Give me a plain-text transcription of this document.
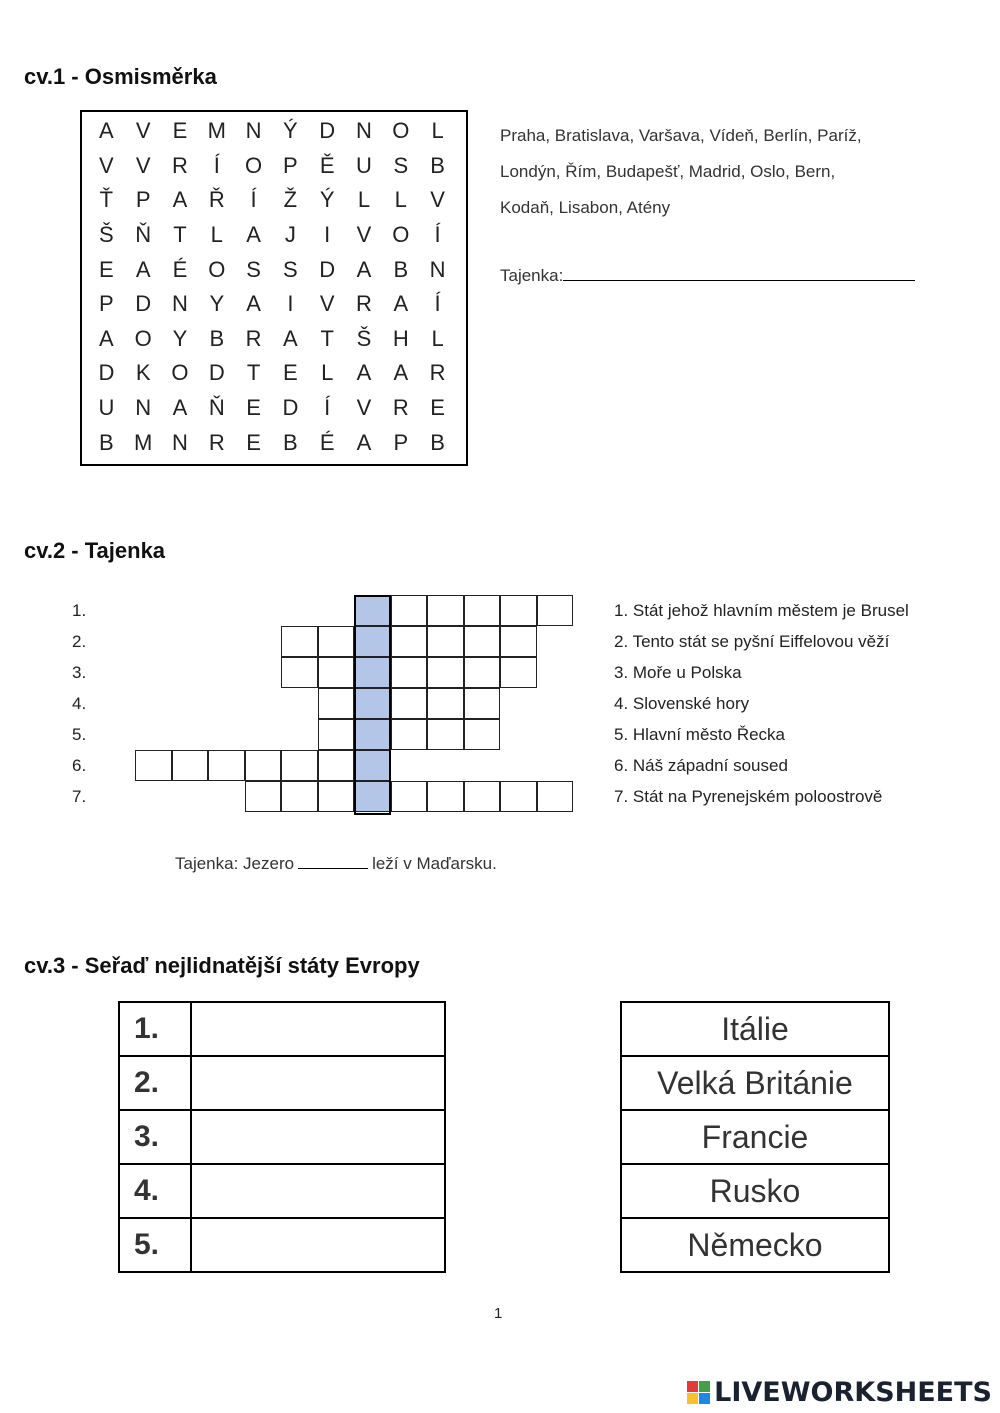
cv.1 - Osmisměrka
A	V	E M N Ý D N O	L
V	V R	Í	O P	Ě U S	B
Ť	P	A Ř	Í	Ž	Ý	L	L	V
Š Ň	T	L	A	J	I	V O	Í
E	A	É O S	S D A	B N
P D N Y	A	I	V R A	Í
A O Y	B R A	T	Š H	L
D K O D	T	E	L	A	A R
U N A Ň E D	Í	V R E
B M N R E	B	É	A	P	B
Praha, Bratislava, Varšava, Vídeň, Berlín, Paríž,
Londýn, Řím, Budapešť, Madrid, Oslo, Bern,
Kodaň, Lisabon, Atény
Tajenka:
cv.2 - Tajenka
1.
2.
3.
4.
5.
6.
7.
1. Stát jehož hlavním městem je Brusel
2. Tento stát se pyšní Eiffelovou věží
3. Moře u Polska
4. Slovenské hory
5. Hlavní město Řecka
6. Náš západní soused
7. Stát na Pyrenejském poloostrově
Tajenka: Jezero	leží v Maďarsku.
cv.3 - Seřaď nejlidnatější státy Evropy
1.	
2.	
3.	
4.	
5.	
Itálie
Velká Británie
Francie
Rusko
Německo
1
LIVEWORKSHEETS
